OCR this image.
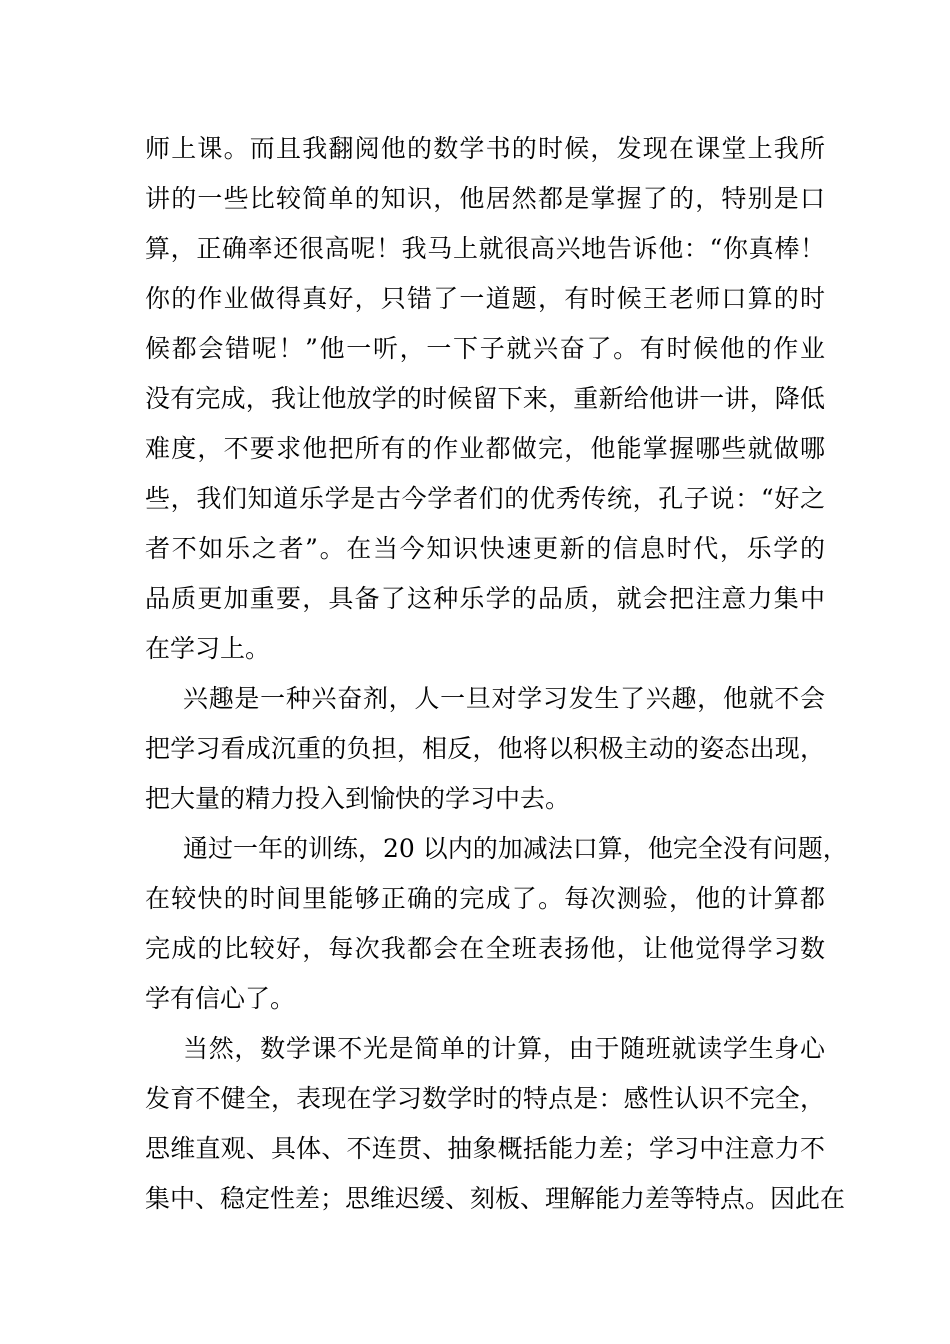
师上课。而且我翻阅他的数学书的时候，发现在课堂上我所
讲的一些比较简单的知识，他居然都是掌握了的，特别是口
算，正确率还很高呢！我马上就很高兴地告诉他：“你真棒！
你的作业做得真好，只错了一道题，有时候王老师口算的时
候都会错呢！”他一听，一下子就兴奋了。有时候他的作业
没有完成，我让他放学的时候留下来，重新给他讲一讲，降低
难度，不要求他把所有的作业都做完，他能掌握哪些就做哪
些，我们知道乐学是古今学者们的优秀传统，孔子说：“好之
者不如乐之者”。在当今知识快速更新的信息时代，乐学的
品质更加重要，具备了这种乐学的品质，就会把注意力集中
在学习上。
兴趣是一种兴奋剂，人一旦对学习发生了兴趣，他就不会
把学习看成沉重的负担，相反，他将以积极主动的姿态出现，
把大量的精力投入到愉快的学习中去。
通过一年的训练，20 以内的加减法口算，他完全没有问题，
在较快的时间里能够正确的完成了。每次测验，他的计算都
完成的比较好，每次我都会在全班表扬他，让他觉得学习数
学有信心了。
当然，数学课不光是简单的计算，由于随班就读学生身心
发育不健全，表现在学习数学时的特点是：感性认识不完全，
思维直观、具体、不连贯、抽象概括能力差；学习中注意力不
集中、稳定性差；思维迟缓、刻板、理解能力差等特点。因此在
